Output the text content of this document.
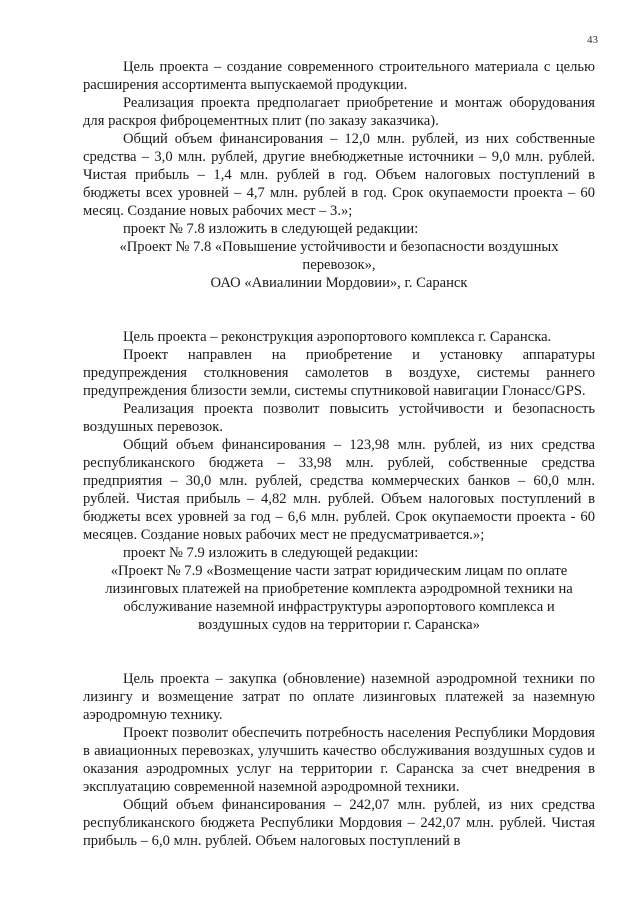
43

Цель проекта – создание современного строительного материала с целью расширения ассортимента выпускаемой продукции.

Реализация проекта предполагает приобретение и монтаж оборудования для раскроя фиброцементных плит (по заказу заказчика).

Общий объем финансирования – 12,0 млн. рублей, из них собственные средства – 3,0 млн. рублей, другие внебюджетные источники – 9,0 млн. рублей. Чистая прибыль – 1,4 млн. рублей в год. Объем налоговых поступлений в бюджеты всех уровней – 4,7 млн. рублей в год. Срок окупаемости проекта – 60 месяц. Создание новых рабочих мест – 3.»;

проект № 7.8 изложить в следующей редакции:

«Проект № 7.8 «Повышение устойчивости и безопасности воздушных

перевозок»,

ОАО «Авиалинии Мордовии», г. Саранск

Цель проекта – реконструкция аэропортового комплекса г. Саранска.

Проект направлен на приобретение и установку аппаратуры предупреждения столкновения самолетов в воздухе, системы раннего предупреждения близости земли, системы спутниковой навигации Глонасс/GPS.

Реализация проекта позволит повысить устойчивости и безопасность воздушных перевозок.

Общий объем финансирования – 123,98 млн. рублей, из них средства республиканского бюджета – 33,98 млн. рублей, собственные средства предприятия – 30,0 млн. рублей, средства коммерческих банков – 60,0 млн. рублей. Чистая прибыль – 4,82 млн. рублей. Объем налоговых поступлений в бюджеты всех уровней за год – 6,6 млн. рублей. Срок окупаемости проекта - 60 месяцев. Создание новых рабочих мест не предусматривается.»;

проект № 7.9 изложить в следующей редакции:

«Проект № 7.9 «Возмещение части затрат юридическим лицам по оплате

лизинговых платежей на приобретение комплекта аэродромной техники на

обслуживание наземной инфраструктуры аэропортового комплекса и

воздушных судов на территории г. Саранска»

Цель проекта – закупка (обновление) наземной аэродромной техники по лизингу и возмещение затрат по оплате лизинговых платежей за наземную аэродромную технику.

Проект позволит обеспечить потребность населения Республики Мордовия в авиационных перевозках, улучшить качество обслуживания воздушных судов и оказания аэродромных услуг на территории г. Саранска за счет внедрения в эксплуатацию современной наземной аэродромной техники.

Общий объем финансирования – 242,07 млн. рублей, из них средства республиканского бюджета Республики Мордовия – 242,07 млн. рублей. Чистая прибыль – 6,0 млн. рублей. Объем налоговых поступлений в
